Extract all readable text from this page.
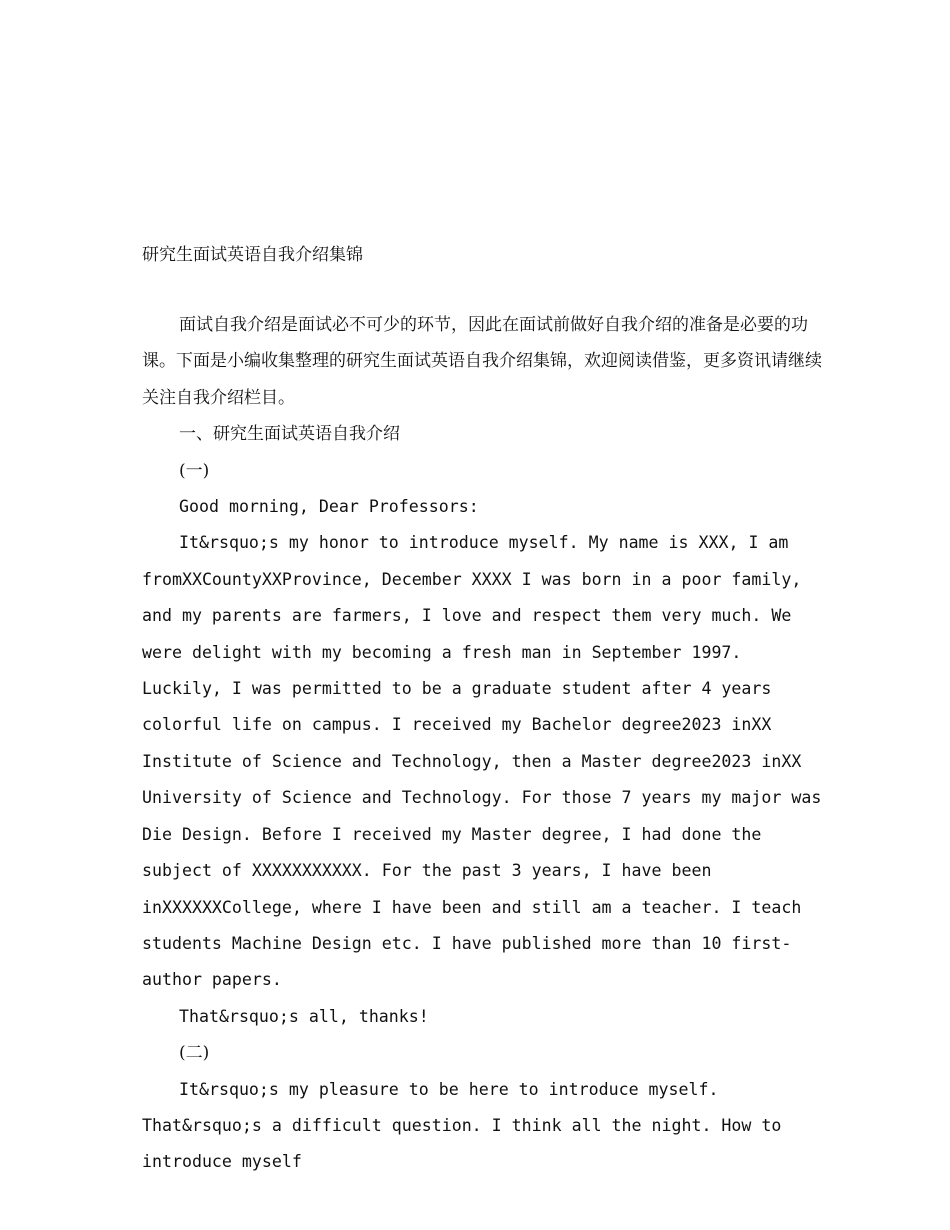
研究生面试英语自我介绍集锦

面试自我介绍是面试必不可少的环节，因此在面试前做好自我介绍的准备是必要的功课。下面是小编收集整理的研究生面试英语自我介绍集锦，欢迎阅读借鉴，更多资讯请继续关注自我介绍栏目。

一、研究生面试英语自我介绍

(一)

Good morning, Dear Professors:

It&rsquo;s my honor to introduce myself. My name is XXX, I am fromXXCountyXXProvince, December XXXX I was born in a poor family, and my parents are farmers, I love and respect them very much. We were delight with my becoming a fresh man in September 1997. Luckily, I was permitted to be a graduate student after 4 years colorful life on campus. I received my Bachelor degree2023 inXX Institute of Science and Technology, then a Master degree2023 inXX University of Science and Technology. For those 7 years my major was Die Design. Before I received my Master degree, I had done the subject of XXXXXXXXXXX. For the past 3 years, I have been inXXXXXXCollege, where I have been and still am a teacher. I teach students Machine Design etc. I have published more than 10 first-author papers.

That&rsquo;s all, thanks!

(二)

It&rsquo;s my pleasure to be here to introduce myself. That&rsquo;s a difficult question. I think all the night. How to introduce myself
